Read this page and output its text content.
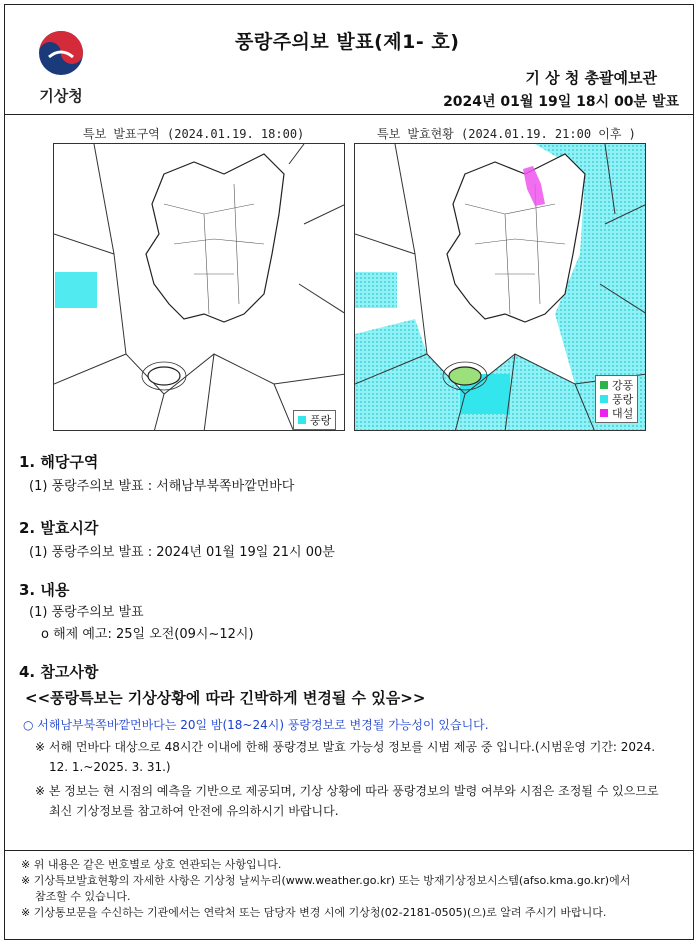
기상청
풍랑주의보 발표(제1- 호)
기 상 청 총괄예보관
2024년 01월 19일 18시 00분 발표
특보 발표구역 (2024.01.19. 18:00)
풍랑
특보 발효현황 (2024.01.19. 21:00 이후 )
강풍
풍랑
대설
1. 해당구역
(1) 풍랑주의보 발표 : 서해남부북쪽바깥먼바다
2. 발효시각
(1) 풍랑주의보 발표 : 2024년 01월 19일 21시 00분
3. 내용
(1) 풍랑주의보 발표
o 해제 예고: 25일 오전(09시~12시)
4. 참고사항
<<풍랑특보는 기상상황에 따라 긴박하게 변경될 수 있음>>
○ 서해남부북쪽바깥먼바다는 20일 밤(18~24시) 풍랑경보로 변경될 가능성이 있습니다.
※ 서해 먼바다 대상으로 48시간 이내에 한해 풍랑경보 발효 가능성 정보를 시범 제공 중 입니다.(시범운영 기간: 2024.
12. 1.~2025. 3. 31.)
※ 본 정보는 현 시점의 예측을 기반으로 제공되며, 기상 상황에 따라 풍랑경보의 발령 여부와 시점은 조정될 수 있으므로
최신 기상정보를 참고하여 안전에 유의하시기 바랍니다.
※ 위 내용은 같은 번호별로 상호 연관되는 사항입니다.
※ 기상특보발효현황의 자세한 사항은 기상청 날씨누리(www.weather.go.kr) 또는 방재기상정보시스템(afso.kma.go.kr)에서
참조할 수 있습니다.
※ 기상통보문을 수신하는 기관에서는 연락처 또는 담당자 변경 시에 기상청(02-2181-0505)(으)로 알려 주시기 바랍니다.
